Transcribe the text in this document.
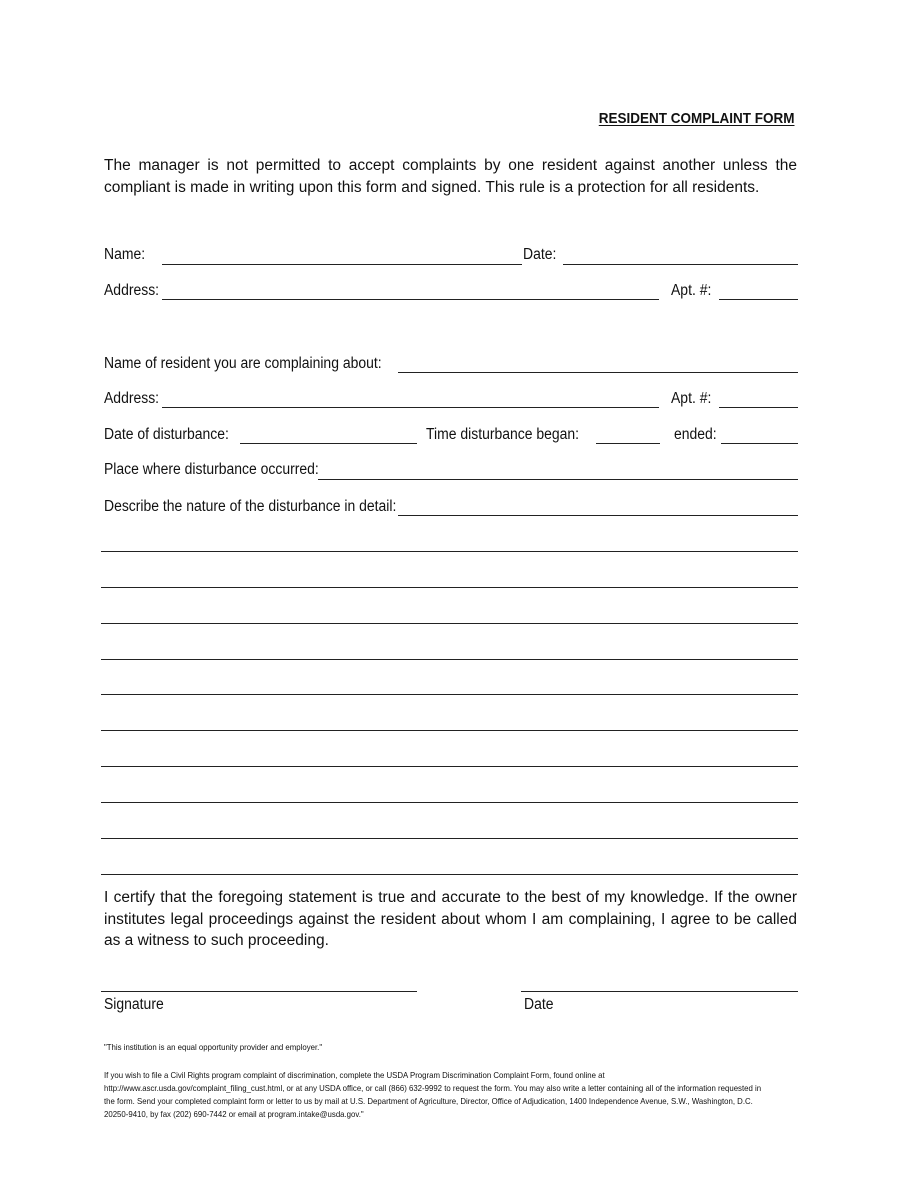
RESIDENT COMPLAINT FORM
The manager is not permitted to accept complaints by one resident against another unless the compliant is made in writing upon this form and signed. This rule is a protection for all residents.
Name:	Date:
Address:	Apt. #:
Name of resident you are complaining about:
Address:	Apt. #:
Date of disturbance:	Time disturbance began:	ended:
Place where disturbance occurred:
Describe the nature of the disturbance in detail:
I certify that the foregoing statement is true and accurate to the best of my knowledge. If the owner institutes legal proceedings against the resident about whom I am complaining, I agree to be called as a witness to such proceeding.
Signature	Date
"This institution is an equal opportunity provider and employer."
If you wish to file a Civil Rights program complaint of discrimination, complete the USDA Program Discrimination Complaint Form, found online at http://www.ascr.usda.gov/complaint_filing_cust.html, or at any USDA office, or call (866) 632-9992 to request the form. You may also write a letter containing all of the information requested in the form. Send your completed complaint form or letter to us by mail at U.S. Department of Agriculture, Director, Office of Adjudication, 1400 Independence Avenue, S.W., Washington, D.C. 20250-9410, by fax (202) 690-7442 or email at program.intake@usda.gov."
